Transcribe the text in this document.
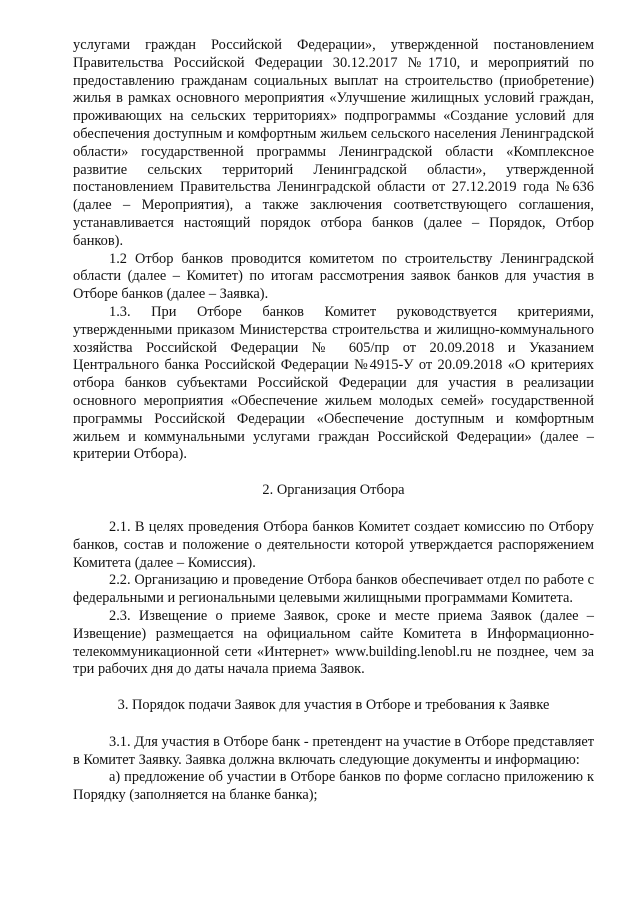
услугами граждан Российской Федерации», утвержденной постановлением Правительства Российской Федерации 30.12.2017 №1710, и мероприятий по предоставлению гражданам социальных выплат на строительство (приобретение) жилья в рамках основного мероприятия «Улучшение жилищных условий граждан, проживающих на сельских территориях» подпрограммы «Создание условий для обеспечения доступным и комфортным жильем сельского населения Ленинградской области» государственной программы Ленинградской области «Комплексное развитие сельских территорий Ленинградской области», утвержденной постановлением Правительства Ленинградской области от 27.12.2019 года №636 (далее – Мероприятия), а также заключения соответствующего соглашения, устанавливается настоящий порядок отбора банков (далее – Порядок, Отбор банков).

1.2 Отбор банков проводится комитетом по строительству Ленинградской области (далее – Комитет) по итогам рассмотрения заявок банков для участия в Отборе банков (далее – Заявка).

1.3. При Отборе банков Комитет руководствуется критериями, утвержденными приказом Министерства строительства и жилищно-коммунального хозяйства Российской Федерации № 605/пр от 20.09.2018 и Указанием Центрального банка Российской Федерации №4915-У от 20.09.2018 «О критериях отбора банков субъектами Российской Федерации для участия в реализации основного мероприятия «Обеспечение жильем молодых семей» государственной программы Российской Федерации «Обеспечение доступным и комфортным жильем и коммунальными услугами граждан Российской Федерации» (далее – критерии Отбора).

2. Организация Отбора

2.1. В целях проведения Отбора банков Комитет создает комиссию по Отбору банков, состав и положение о деятельности которой утверждается распоряжением Комитета (далее – Комиссия).

2.2. Организацию и проведение Отбора банков обеспечивает отдел по работе с федеральными и региональными целевыми жилищными программами Комитета.

2.3. Извещение о приеме Заявок, сроке и месте приема Заявок (далее – Извещение) размещается на официальном сайте Комитета в Информационно-телекоммуникационной сети «Интернет» www.building.lenobl.ru не позднее, чем за три рабочих дня до даты начала приема Заявок.

3. Порядок подачи Заявок для участия в Отборе и требования к Заявке

3.1. Для участия в Отборе банк - претендент на участие в Отборе представляет в Комитет Заявку. Заявка должна включать следующие документы и информацию:

а) предложение об участии в Отборе банков по форме согласно приложению к Порядку (заполняется на бланке банка);
